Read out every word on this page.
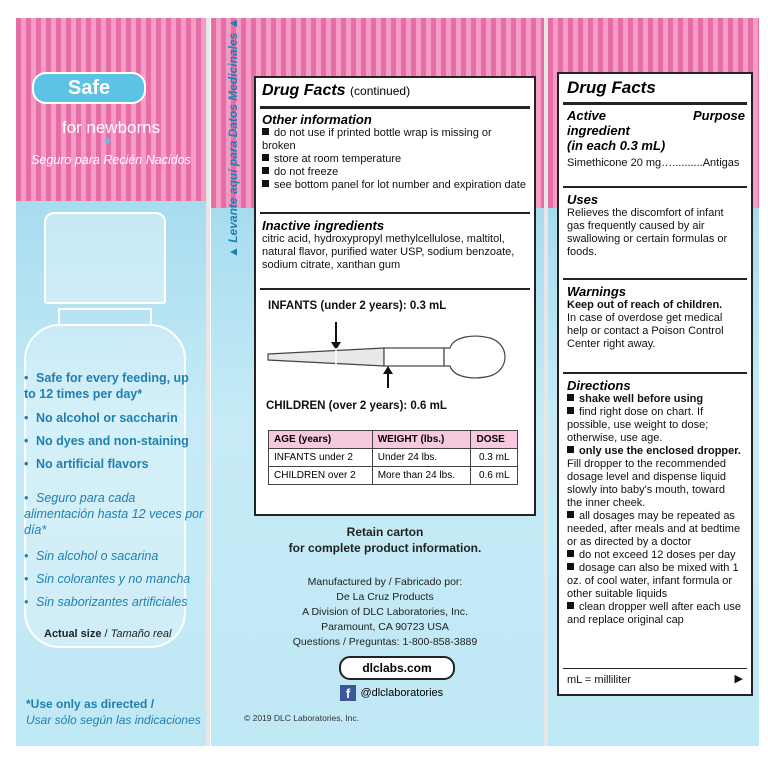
Safe
for newborns
♥
Seguro para Recién Nacidos
• Safe for every feeding, up to 12 times per day*
• No alcohol or saccharin
• No dyes and non-staining
• No artificial flavors
• Seguro para cada alimentación hasta 12 veces por día*
• Sin alcohol o sacarina
• Sin colorantes y no mancha
• Sin saborizantes artificiales
Actual size / Tamaño real
*Use only as directed /
Usar sólo según las indicaciones
▲ Levante aquí para Datos Medicinales ▲
Drug Facts (continued)
Other information
do not use if printed bottle wrap is missing or broken
store at room temperature
do not freeze
see bottom panel for lot number and expiration date
Inactive ingredients
citric acid, hydroxypropyl methylcellulose, maltitol, natural flavor, purified water USP, sodium benzoate, sodium citrate, xanthan gum
INFANTS (under 2 years): 0.3 mL
CHILDREN (over 2 years): 0.6 mL
AGE (years)	WEIGHT (lbs.)	DOSE
INFANTS under 2	Under 24 lbs.	0.3 mL
CHILDREN over 2	More than 24 lbs.	0.6 mL
Retain carton
for complete product information.
Manufactured by / Fabricado por:
De La Cruz Products
A Division of DLC Laboratories, Inc.
Paramount, CA 90723 USA
Questions / Preguntas: 1-800-858-3889
dlclabs.com
f @dlclaboratories
© 2019 DLC Laboratories, Inc.
Drug Facts
Active
ingredient
(in each 0.3 mL)
Simethicone 20 mg…..........Antigas
Purpose
Uses
Relieves the discomfort of infant gas frequently caused by air swallowing or certain formulas or foods.
Warnings
Keep out of reach of children.
In case of overdose get medical help or contact a Poison Control Center right away.
Directions
shake well before using
find right dose on chart. If possible, use weight to dose; otherwise, use age.
only use the enclosed dropper. Fill dropper to the recommended dosage level and dispense liquid slowly into baby's mouth, toward the inner cheek.
all dosages may be repeated as needed, after meals and at bedtime or as directed by a doctor
do not exceed 12 doses per day
dosage can also be mixed with 1 oz. of cool water, infant formula or other suitable liquids
clean dropper well after each use and replace original cap
mL = milliliter	▶
